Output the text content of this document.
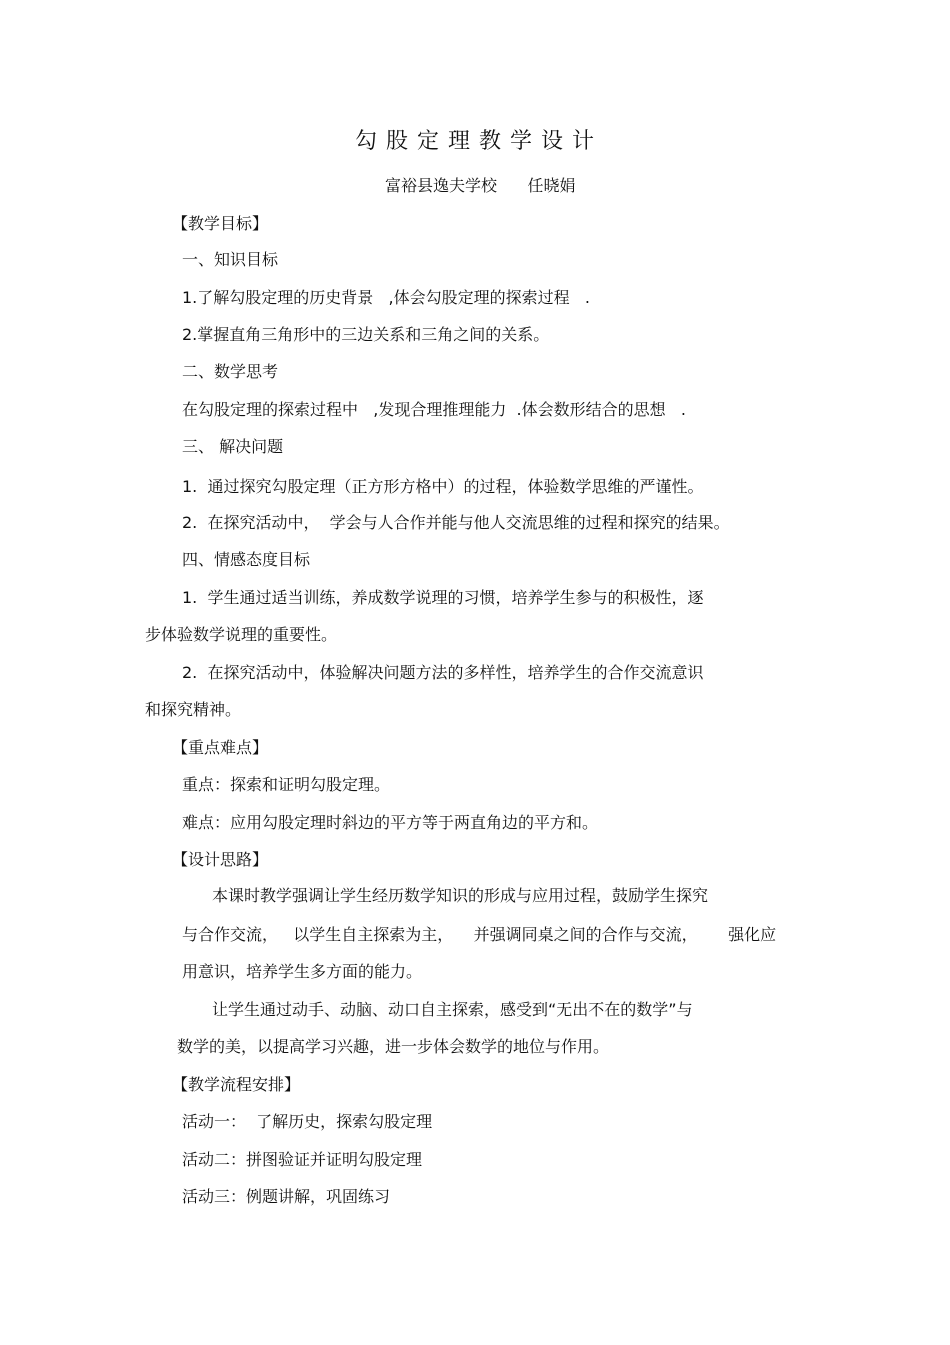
勾 股 定 理 教 学 设 计
富裕县逸夫学校      任晓娟
【教学目标】
一、知识目标
1.了解勾股定理的历史背景   ,体会勾股定理的探索过程   .
2.掌握直角三角形中的三边关系和三角之间的关系。
二、数学思考
在勾股定理的探索过程中   ,发现合理推理能力  .体会数形结合的思想   .
三、 解决问题
1.  通过探究勾股定理（正方形方格中）的过程，体验数学思维的严谨性。
2.  在探究活动中，  学会与人合作并能与他人交流思维的过程和探究的结果。
四、情感态度目标
1.  学生通过适当训练，养成数学说理的习惯，培养学生参与的积极性，逐
步体验数学说理的重要性。
2.  在探究活动中，体验解决问题方法的多样性，培养学生的合作交流意识
和探究精神。
【重点难点】
重点：探索和证明勾股定理。
难点：应用勾股定理时斜边的平方等于两直角边的平方和。
【设计思路】
本课时教学强调让学生经历数学知识的形成与应用过程，鼓励学生探究
与合作交流，   以学生自主探索为主，    并强调同桌之间的合作与交流，      强化应
用意识，培养学生多方面的能力。
让学生通过动手、动脑、动口自主探索，感受到“无出不在的数学”与
数学的美，以提高学习兴趣，进一步体会数学的地位与作用。
【教学流程安排】
活动一：  了解历史，探索勾股定理
活动二：拼图验证并证明勾股定理
活动三：例题讲解，巩固练习
